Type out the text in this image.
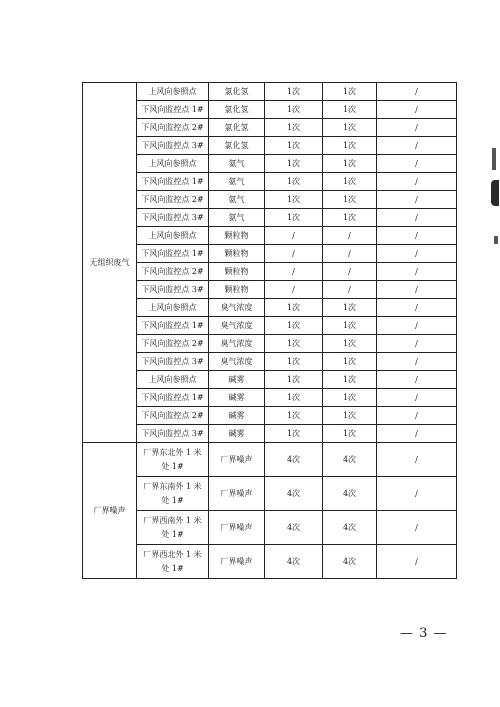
无组织废气	上风向参照点	氯化氢	1次	1次	/
	下风向监控点 1#	氯化氢	1次	1次	/
	下风向监控点 2#	氯化氢	1次	1次	/
	下风向监控点 3#	氯化氢	1次	1次	/
	上风向参照点	氨气	1次	1次	/
	下风向监控点 1#	氨气	1次	1次	/
	下风向监控点 2#	氨气	1次	1次	/
	下风向监控点 3#	氨气	1次	1次	/
	上风向参照点	颗粒物	/	/	/
	下风向监控点 1#	颗粒物	/	/	/
	下风向监控点 2#	颗粒物	/	/	/
	下风向监控点 3#	颗粒物	/	/	/
	上风向参照点	臭气浓度	1次	1次	/
	下风向监控点 1#	臭气浓度	1次	1次	/
	下风向监控点 2#	臭气浓度	1次	1次	/
	下风向监控点 3#	臭气浓度	1次	1次	/
	上风向参照点	碱雾	1次	1次	/
	下风向监控点 1#	碱雾	1次	1次	/
	下风向监控点 2#	碱雾	1次	1次	/
	下风向监控点 3#	碱雾	1次	1次	/
厂界噪声	厂界东北外 1 米处 1#	厂界噪声	4次	4次	/
	厂界东南外 1 米处 1#	厂界噪声	4次	4次	/
	厂界西南外 1 米处 1#	厂界噪声	4次	4次	/
	厂界西北外 1 米处 1#	厂界噪声	4次	4次	/
— 3 —
